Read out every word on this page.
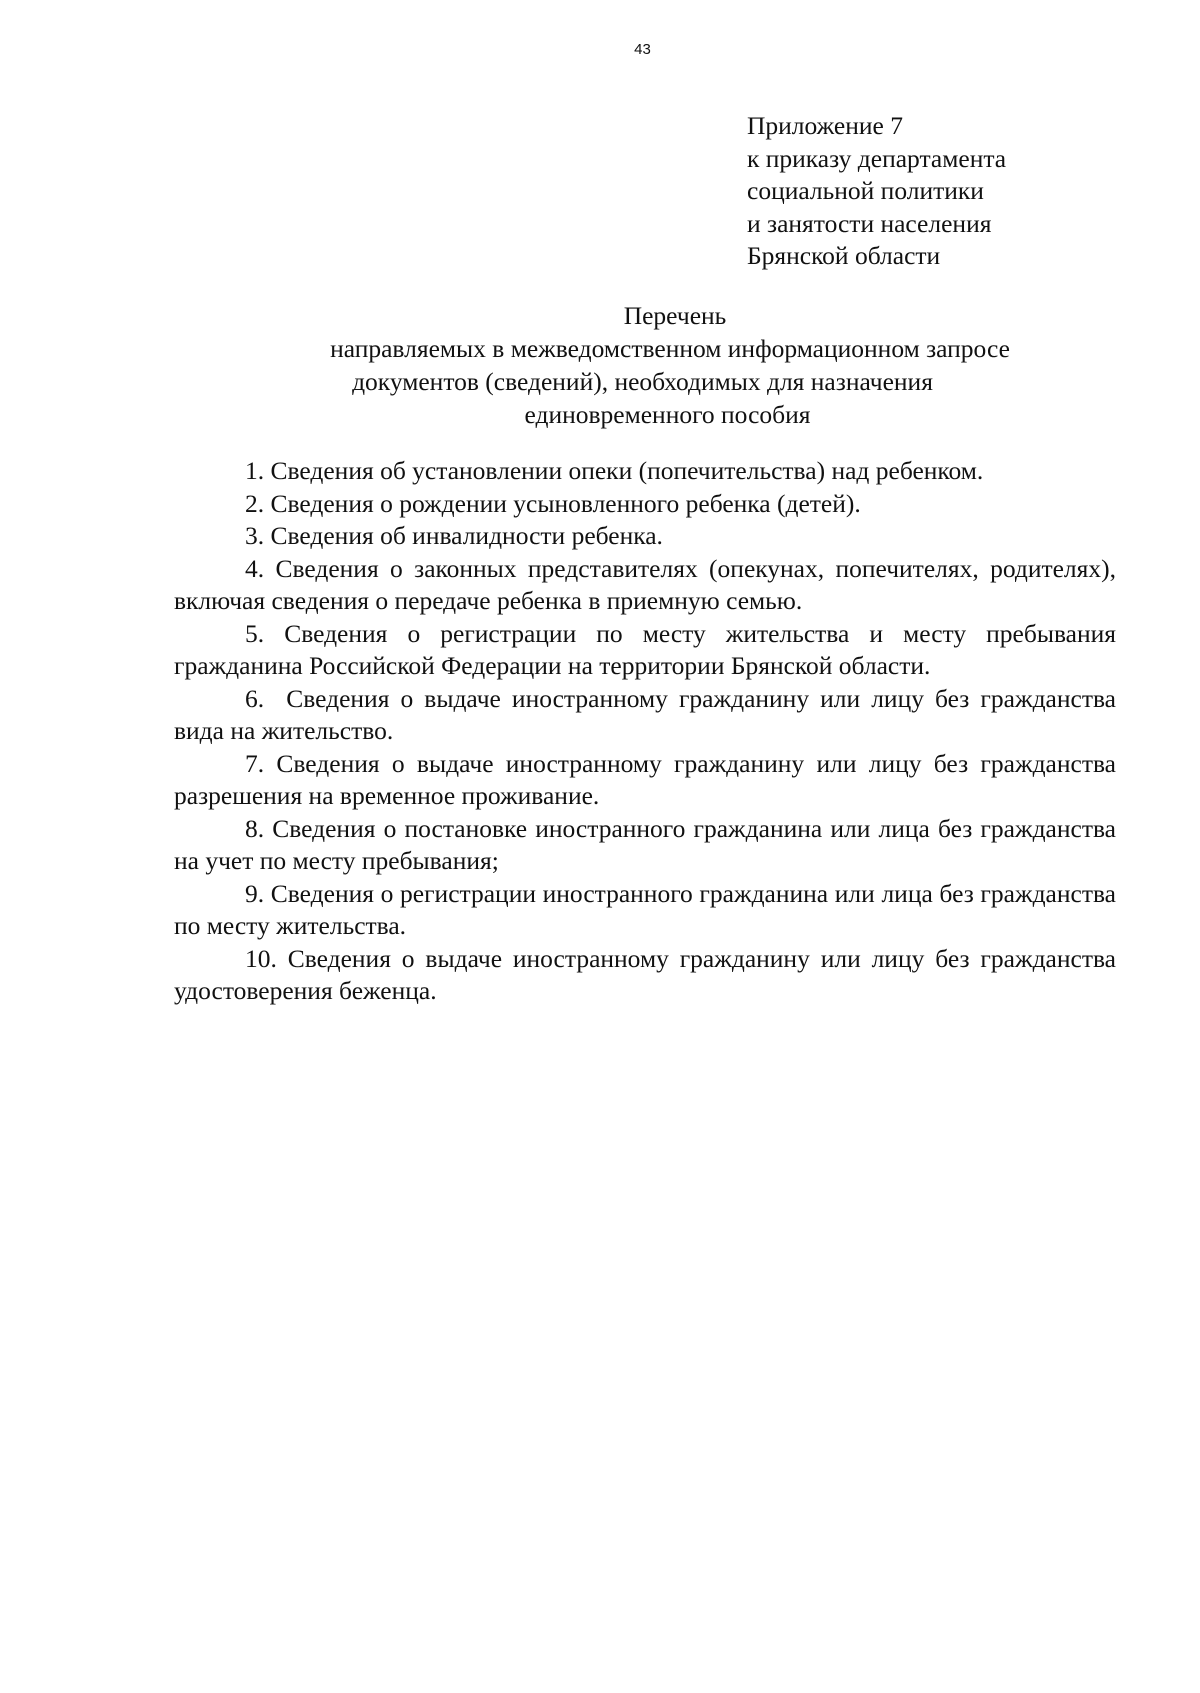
43
Приложение 7
к приказу департамента
социальной политики
и занятости населения
Брянской области
Перечень
направляемых в межведомственном информационном запросе
документов (сведений), необходимых для назначения
единовременного пособия

1. Сведения об установлении опеки (попечительства) над ребенком.

2. Сведения о рождении усыновленного ребенка (детей).

3. Сведения об инвалидности ребенка.

4. Сведения о законных представителях (опекунах, попечителях, родителях), включая сведения о передаче ребенка в приемную семью.

5. Сведения о регистрации по месту жительства и месту пребывания гражданина Российской Федерации на территории Брянской области.

6.  Сведения о выдаче иностранному гражданину или лицу без гражданства вида на жительство.

7. Сведения о выдаче иностранному гражданину или лицу без гражданства разрешения на временное проживание.

8. Сведения о постановке иностранного гражданина или лица без гражданства на учет по месту пребывания;

9. Сведения о регистрации иностранного гражданина или лица без гражданства по месту жительства.

10. Сведения о выдаче иностранному гражданину или лицу без гражданства удостоверения беженца.
